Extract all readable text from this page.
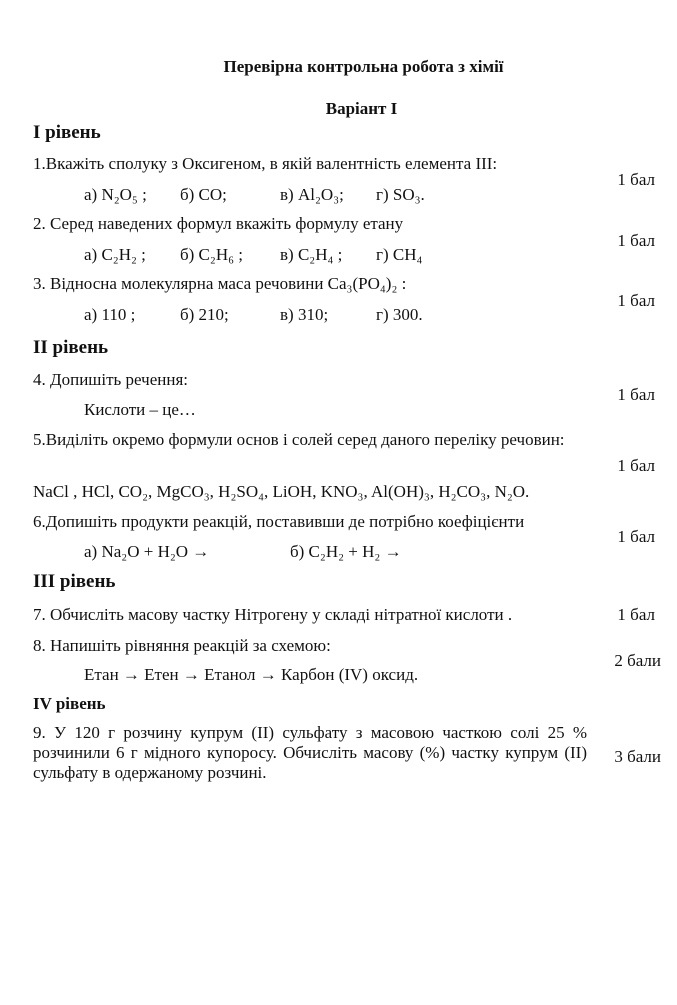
Перевірна контрольна робота з хімії
Варіант I
I рівень
1.Вкажіть сполуку з Оксигеном, в якій валентність елемента III:
1 бал
а) N₂O₅ ; б) CO;	в) Al₂O₃; г) SO₃.
2. Серед наведених формул вкажіть формулу етану
1 бал
а) C₂H₂ ; б) C₂H₆ ; в) C₂H₄ ; г) CH₄
3. Відносна молекулярна маса речовини Ca₃(PO₄)₂ :
1 бал
а) 110 ;	б) 210;	в) 310;	г) 300.
II рівень
4. Допишіть речення:
1 бал
Кислоти – це…
5.Виділіть окремо формули основ і солей серед даного переліку речовин:
1 бал
NaCl , HCl, CO₂, MgCO₃, H₂SO₄, LiOH, KNO₃, Al(OH)₃, H₂CO₃, N₂O.
6.Допишіть продукти реакцій, поставивши де потрібно коефіцієнти
1 бал
а) Na₂O + H₂O →	б) C₂H₂ + H₂ →
III рівень
7. Обчисліть масову частку Нітрогену у складі нітратної кислоти .	1 бал
8. Напишіть рівняння реакцій за схемою:
2 бали
Етан → Етен → Етанол → Карбон (IV) оксид.
IV рівень
9. У 120 г розчину купрум (II) сульфату з масовою часткою солі 25 % розчинили 6 г мідного купоросу. Обчисліть масову (%) частку купрум (II) сульфату в одержаному розчині.
3 бали
